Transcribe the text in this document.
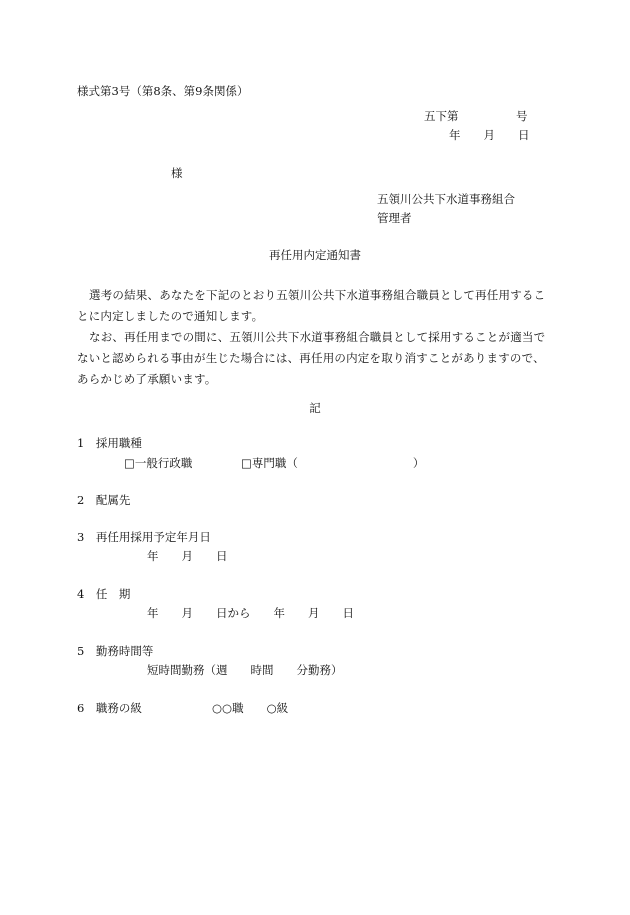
様式第3号（第8条、第9条関係）
五下第　　　　　号
年　　月　　日
様
五領川公共下水道事務組合
管理者
再任用内定通知書

選考の結果、あなたを下記のとおり五領川公共下水道事務組合職員として再任用することに内定しましたので通知します。

なお、再任用までの間に、五領川公共下水道事務組合職員として採用することが適当でないと認められる事由が生じた場合には、再任用の内定を取り消すことがありますので、あらかじめ了承願います。

記
1　採用職種
□一般行政職	□専門職（　　　　　　　　　　）
2　配属先
3　再任用採用予定年月日
年　　月　　日
4　任　期
年　　月　　日から　　年　　月　　日
5　勤務時間等
短時間勤務（週　　時間　　分勤務）
6　職務の級	○○職　　○級
